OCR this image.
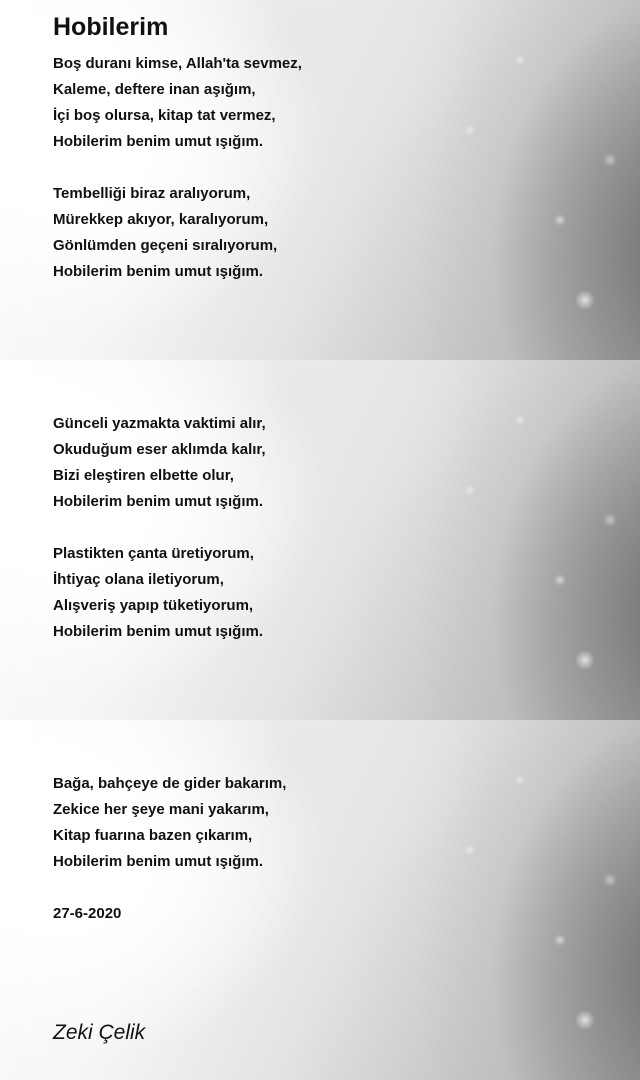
Hobilerim
Boş duranı kimse, Allah'ta sevmez,
Kaleme, deftere inan aşığım,
İçi boş olursa, kitap tat vermez,
Hobilerim benim umut ışığım.
Tembelliği biraz aralıyorum,
Mürekkep akıyor, karalıyorum,
Gönlümden geçeni sıralıyorum,
Hobilerim benim umut ışığım.
Günceli yazmakta vaktimi alır,
Okuduğum eser aklımda kalır,
Bizi eleştiren elbette olur,
Hobilerim benim umut ışığım.
Plastikten çanta üretiyorum,
İhtiyaç olana iletiyorum,
Alışveriş yapıp tüketiyorum,
Hobilerim benim umut ışığım.
Bağa, bahçeye de gider bakarım,
Zekice her şeye mani yakarım,
Kitap fuarına bazen çıkarım,
Hobilerim benim umut ışığım.
27-6-2020
Zeki Çelik
